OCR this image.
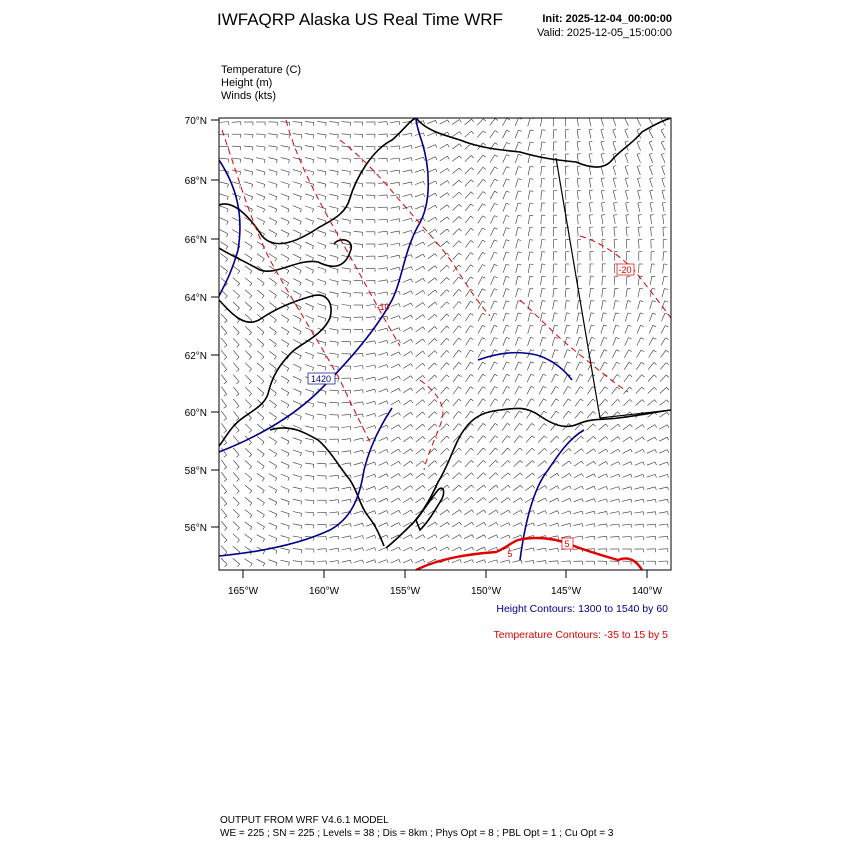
IWFAQRP Alaska US Real Time WRF	Init: 2025-12-04_00:00:00
Valid: 2025-12-05_15:00:00
Temperature (C)
Height (m)
Winds (kts)
1420
-10
-20
5
5
70°N
68°N
66°N
64°N
62°N
60°N
58°N
56°N
165°W	160°W	155°W	150°W	145°W	140°W
Height Contours: 1300 to 1540 by 60
Temperature Contours: -35 to 15 by 5
OUTPUT FROM WRF V4.6.1 MODEL
WE = 225 ; SN = 225 ; Levels = 38 ; Dis = 8km ; Phys Opt = 8 ; PBL Opt = 1 ; Cu Opt = 3
